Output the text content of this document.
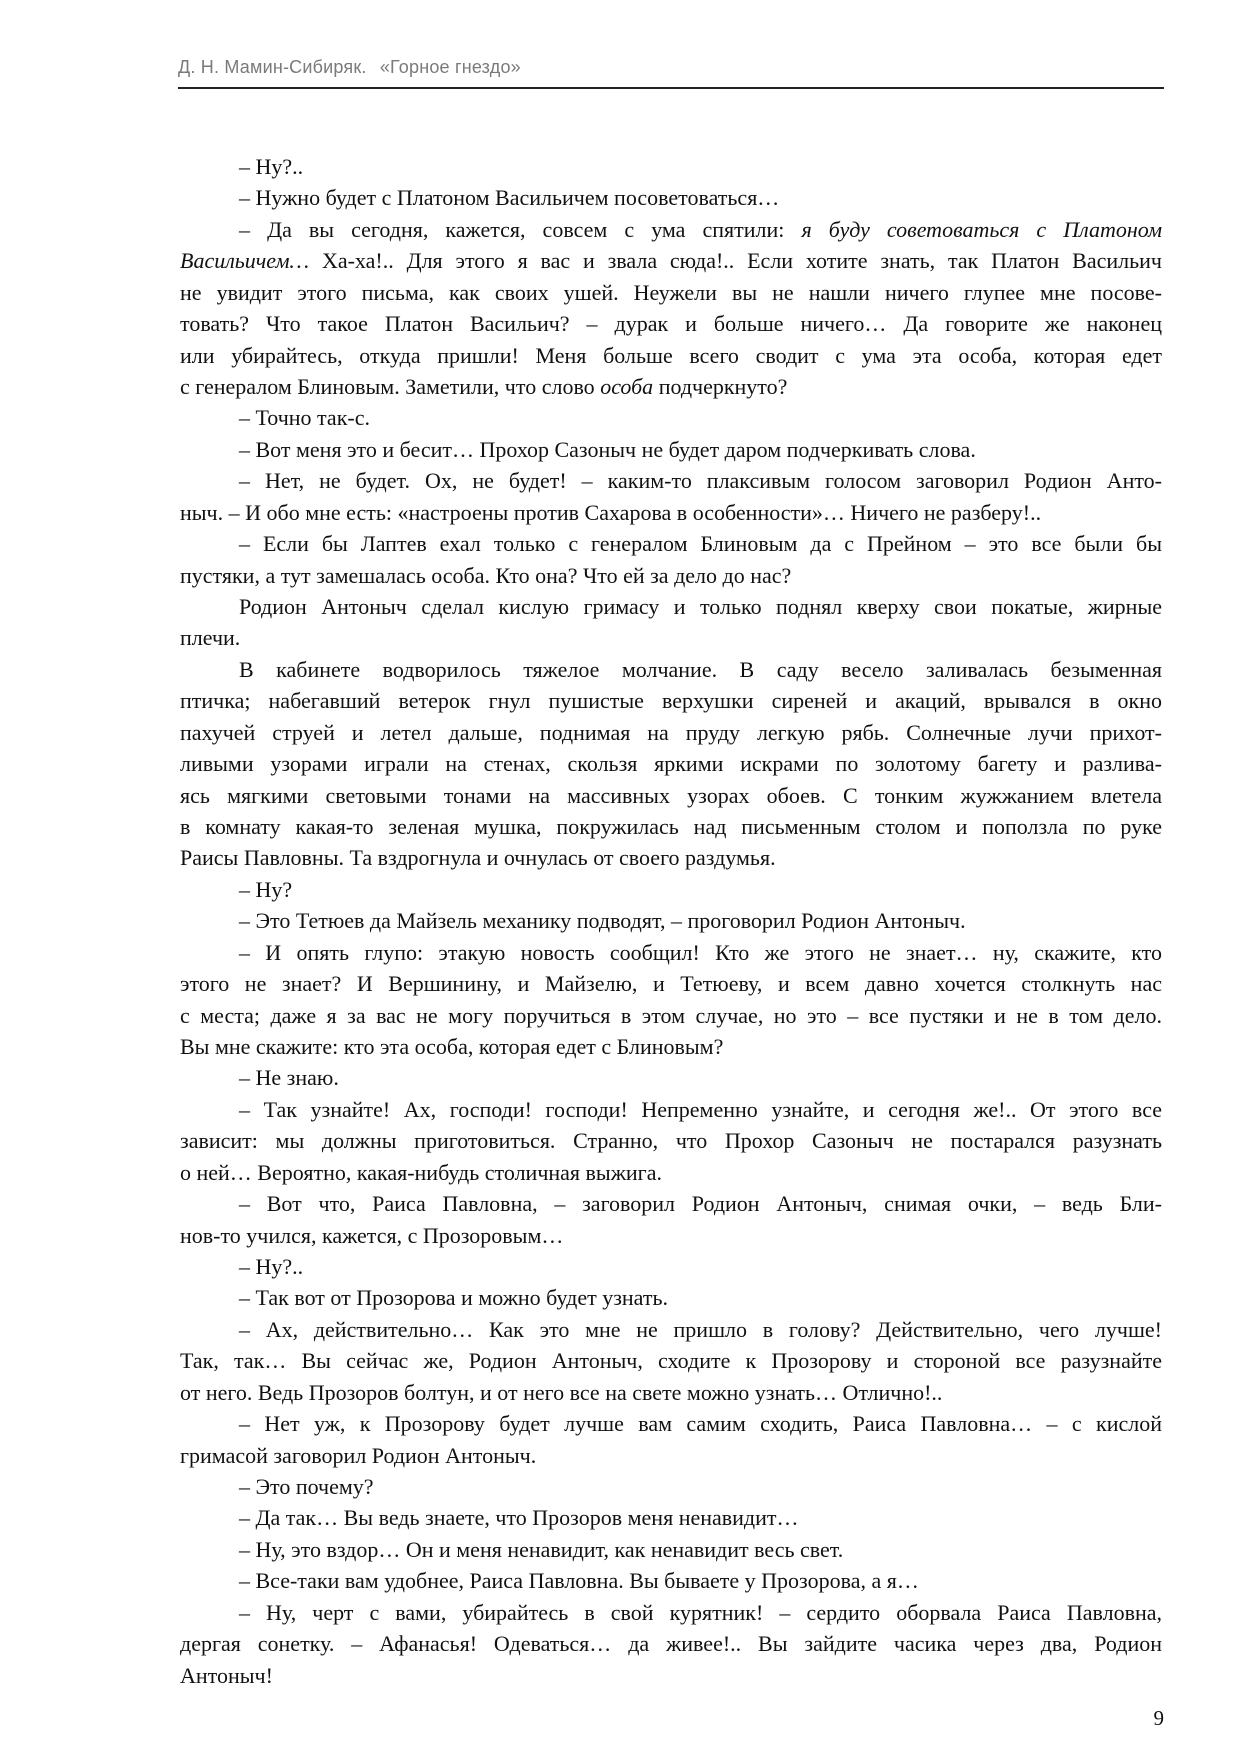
Д. Н. Мамин-Сибиряк. «Горное гнездо»
– Ну?..
– Нужно будет с Платоном Васильичем посоветоваться…
– Да вы сегодня, кажется, совсем с ума спятили: я буду советоваться с Платоном
Васильичем… Ха-ха!.. Для этого я вас и звала сюда!.. Если хотите знать, так Платон Васильич
не увидит этого письма, как своих ушей. Неужели вы не нашли ничего глупее мне посове-
товать? Что такое Платон Васильич? – дурак и больше ничего… Да говорите же наконец
или убирайтесь, откуда пришли! Меня больше всего сводит с ума эта особа, которая едет
с генералом Блиновым. Заметили, что слово особа подчеркнуто?
– Точно так-с.
– Вот меня это и бесит… Прохор Сазоныч не будет даром подчеркивать слова.
– Нет, не будет. Ох, не будет! – каким-то плаксивым голосом заговорил Родион Анто-
ныч. – И обо мне есть: «настроены против Сахарова в особенности»… Ничего не разберу!..
– Если бы Лаптев ехал только с генералом Блиновым да с Прейном – это все были бы
пустяки, а тут замешалась особа. Кто она? Что ей за дело до нас?
Родион Антоныч сделал кислую гримасу и только поднял кверху свои покатые, жирные
плечи.
В кабинете водворилось тяжелое молчание. В саду весело заливалась безыменная
птичка; набегавший ветерок гнул пушистые верхушки сиреней и акаций, врывался в окно
пахучей струей и летел дальше, поднимая на пруду легкую рябь. Солнечные лучи прихот-
ливыми узорами играли на стенах, скользя яркими искрами по золотому багету и разлива-
ясь мягкими световыми тонами на массивных узорах обоев. С тонким жужжанием влетела
в комнату какая-то зеленая мушка, покружилась над письменным столом и поползла по руке
Раисы Павловны. Та вздрогнула и очнулась от своего раздумья.
– Ну?
– Это Тетюев да Майзель механику подводят, – проговорил Родион Антоныч.
– И опять глупо: этакую новость сообщил! Кто же этого не знает… ну, скажите, кто
этого не знает? И Вершинину, и Майзелю, и Тетюеву, и всем давно хочется столкнуть нас
с места; даже я за вас не могу поручиться в этом случае, но это – все пустяки и не в том дело.
Вы мне скажите: кто эта особа, которая едет с Блиновым?
– Не знаю.
– Так узнайте! Ах, господи! господи! Непременно узнайте, и сегодня же!.. От этого все
зависит: мы должны приготовиться. Странно, что Прохор Сазоныч не постарался разузнать
о ней… Вероятно, какая-нибудь столичная выжига.
– Вот что, Раиса Павловна, – заговорил Родион Антоныч, снимая очки, – ведь Бли-
нов-то учился, кажется, с Прозоровым…
– Ну?..
– Так вот от Прозорова и можно будет узнать.
– Ах, действительно… Как это мне не пришло в голову? Действительно, чего лучше!
Так, так… Вы сейчас же, Родион Антоныч, сходите к Прозорову и стороной все разузнайте
от него. Ведь Прозоров болтун, и от него все на свете можно узнать… Отлично!..
– Нет уж, к Прозорову будет лучше вам самим сходить, Раиса Павловна… – с кислой
гримасой заговорил Родион Антоныч.
– Это почему?
– Да так… Вы ведь знаете, что Прозоров меня ненавидит…
– Ну, это вздор… Он и меня ненавидит, как ненавидит весь свет.
– Все-таки вам удобнее, Раиса Павловна. Вы бываете у Прозорова, а я…
– Ну, черт с вами, убирайтесь в свой курятник! – сердито оборвала Раиса Павловна,
дергая сонетку. – Афанасья! Одеваться… да живее!.. Вы зайдите часика через два, Родион
Антоныч!
9
